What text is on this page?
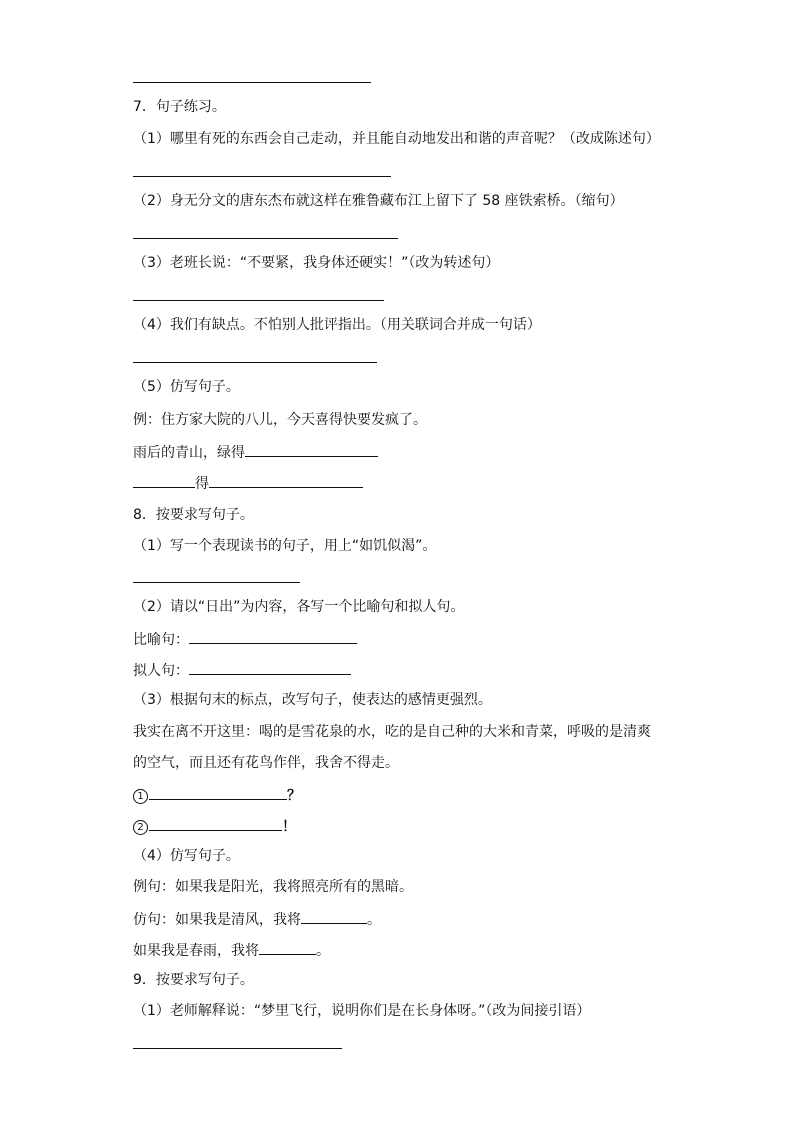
7．句子练习。
（1）哪里有死的东西会自己走动，并且能自动地发出和谐的声音呢？（改成陈述句）
（2）身无分文的唐东杰布就这样在雅鲁藏布江上留下了 58 座铁索桥。（缩句）
（3）老班长说：“不要紧，我身体还硬实！”（改为转述句）
（4）我们有缺点。不怕别人批评指出。（用关联词合并成一句话）
（5）仿写句子。
例：住方家大院的八儿，今天喜得快要发疯了。
雨后的青山，绿得
得
8．按要求写句子。
（1）写一个表现读书的句子，用上“如饥似渴”。
（2）请以“日出”为内容，各写一个比喻句和拟人句。
比喻句：
拟人句：
（3）根据句末的标点，改写句子，使表达的感情更强烈。
我实在离不开这里：喝的是雪花泉的水，吃的是自己种的大米和青菜，呼吸的是清爽
的空气，而且还有花鸟作伴，我舍不得走。
1	？
2	！
（4）仿写句子。
例句：如果我是阳光，我将照亮所有的黑暗。
仿句：如果我是清风，我将	。
如果我是春雨，我将	。
9．按要求写句子。
（1）老师解释说：“梦里飞行，说明你们是在长身体呀。”（改为间接引语）
